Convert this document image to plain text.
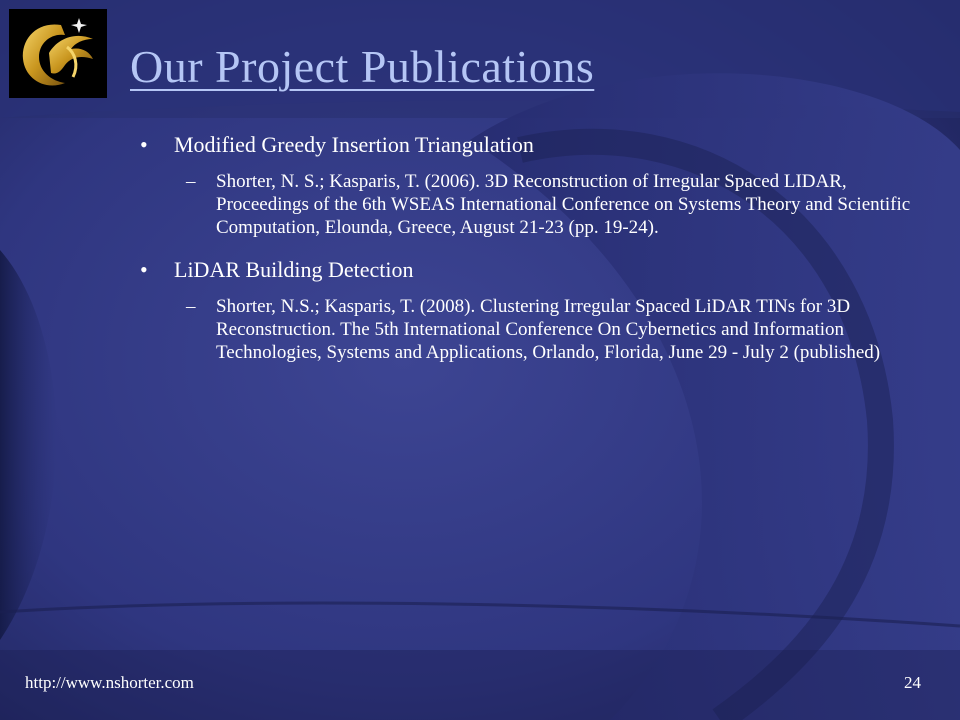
Our Project Publications
• Modified Greedy Insertion Triangulation
– Shorter, N. S.; Kasparis, T. (2006). 3D Reconstruction of Irregular Spaced LIDAR, Proceedings of the 6th WSEAS International Conference on Systems Theory and Scientific Computation, Elounda, Greece, August 21-23 (pp. 19-24).
• LiDAR Building Detection
– Shorter, N.S.; Kasparis, T. (2008). Clustering Irregular Spaced LiDAR TINs for 3D Reconstruction. The 5th International Conference On Cybernetics and Information Technologies, Systems and Applications, Orlando, Florida, June 29 - July 2 (published)
http://www.nshorter.com	24
